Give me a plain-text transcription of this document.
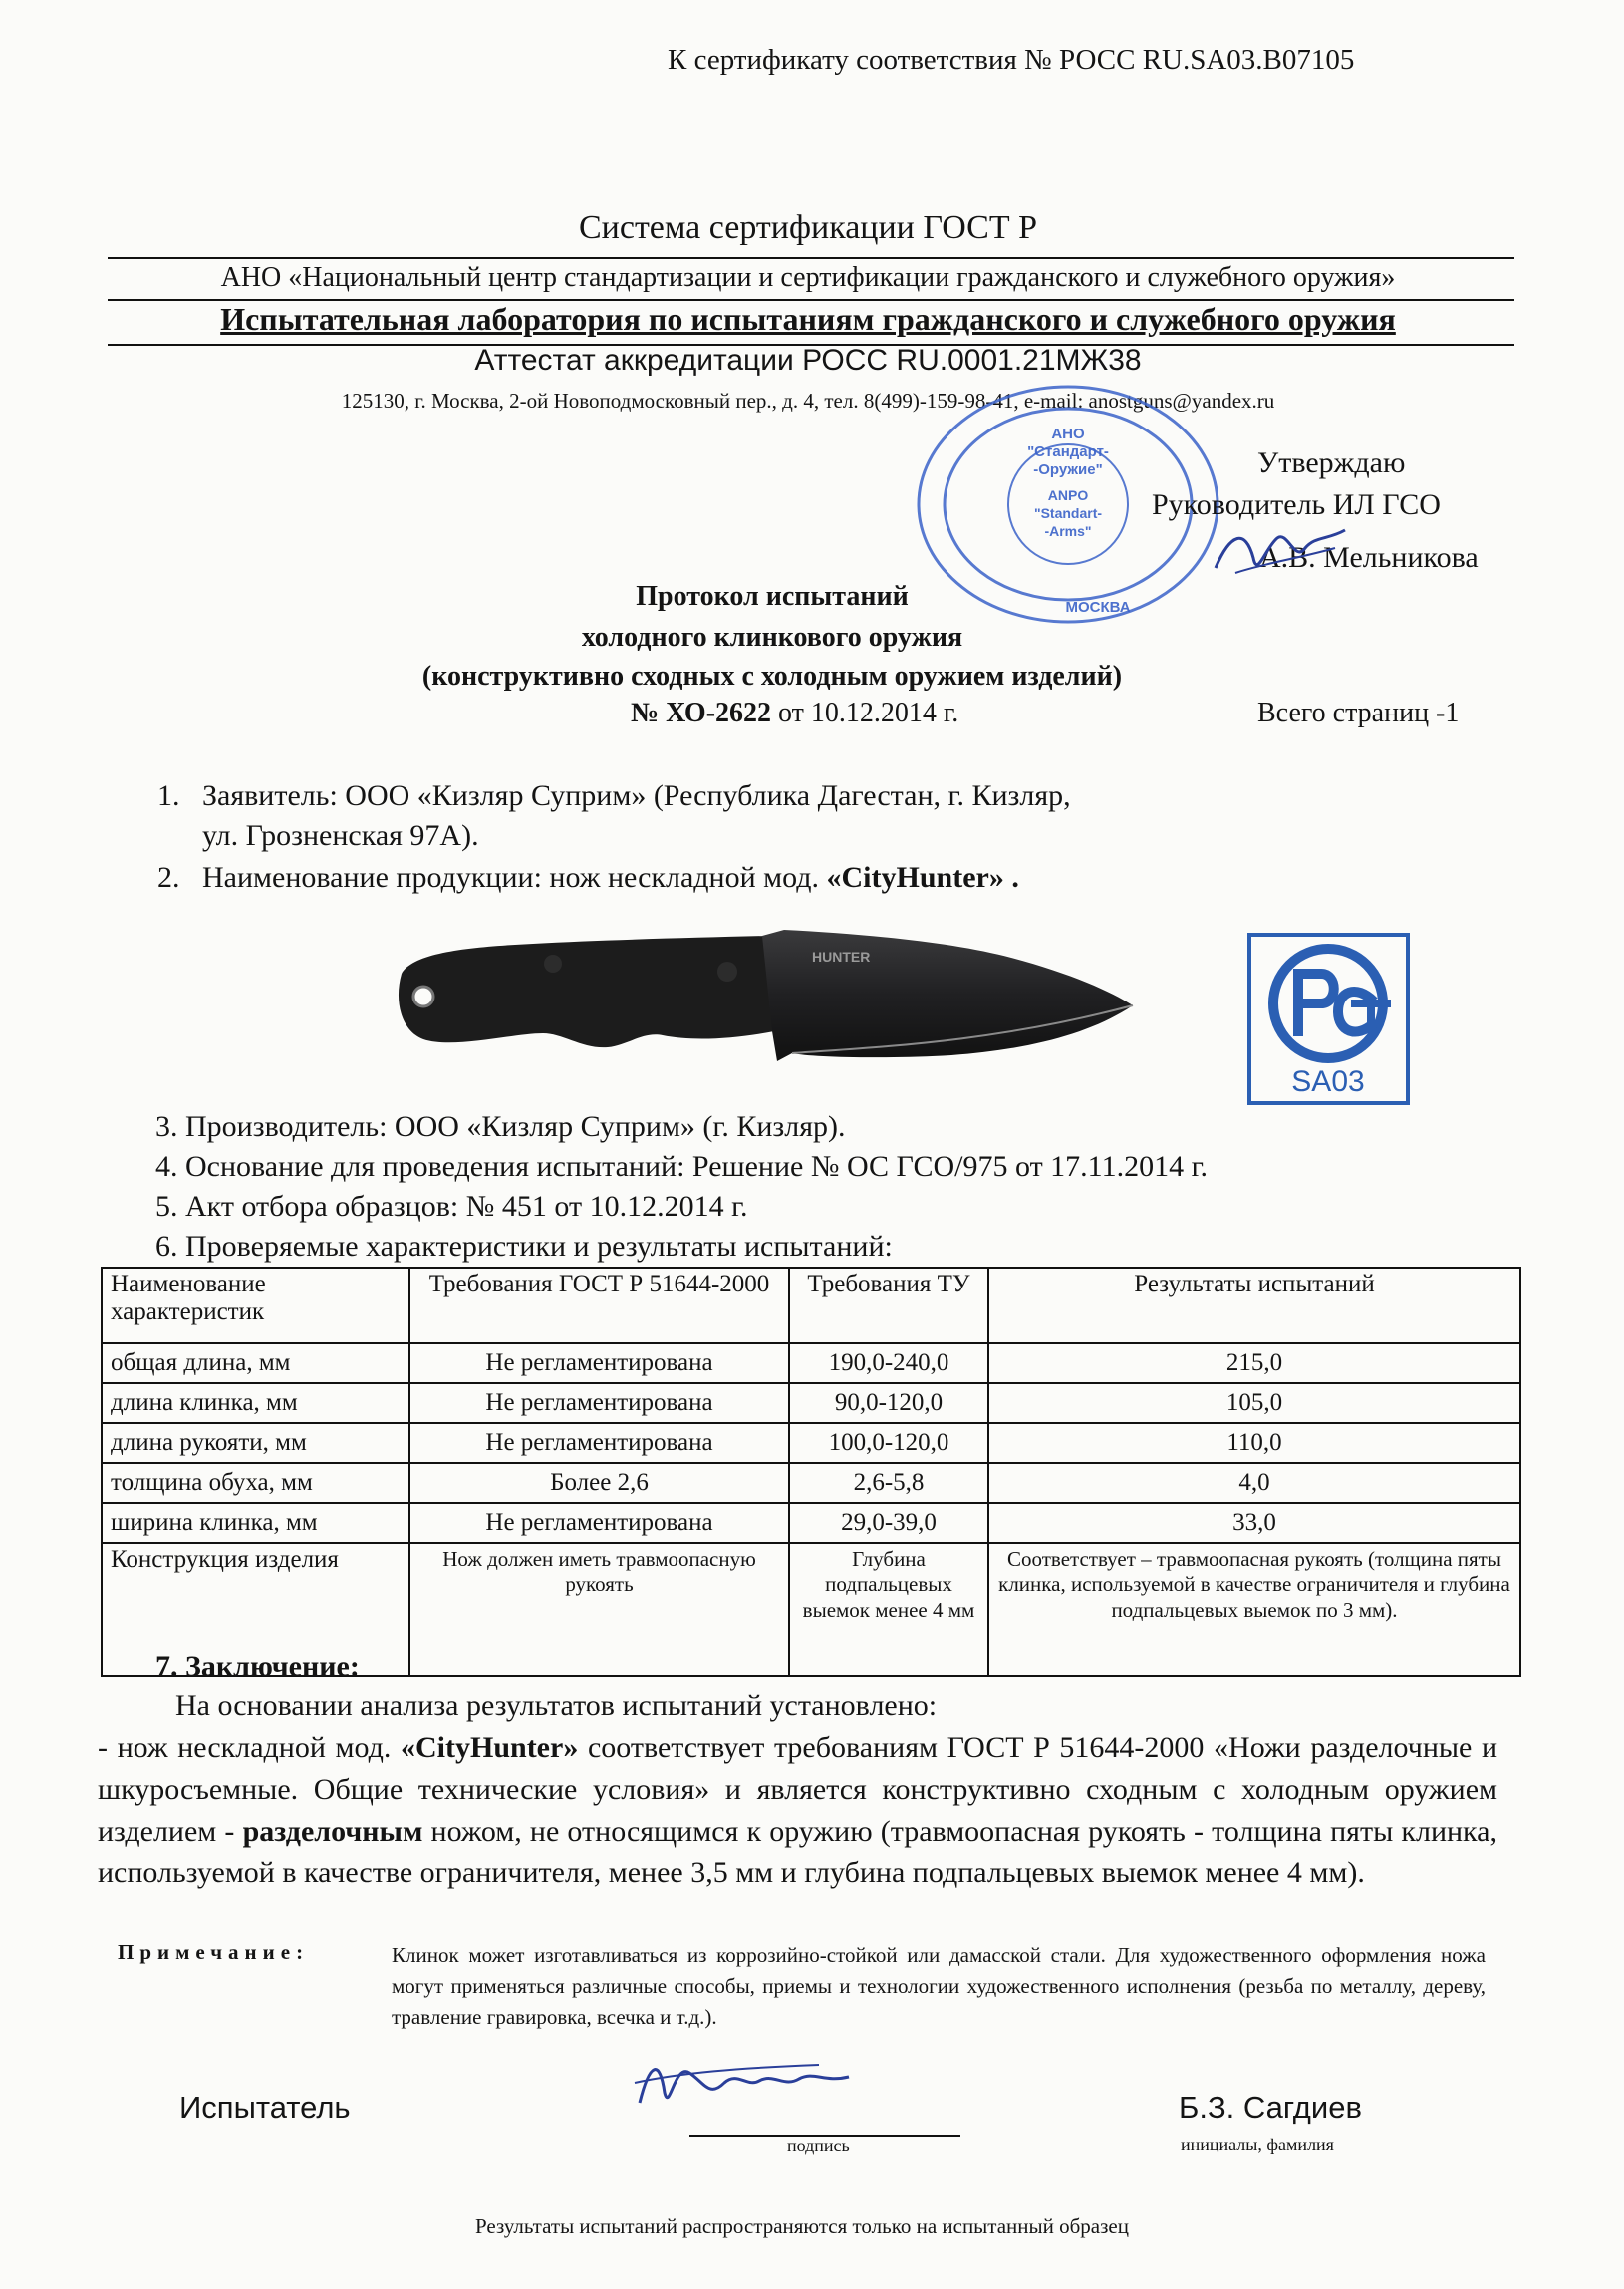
К сертификату соответствия № РОСС RU.SA03.B07105
Система сертификации ГОСТ Р
АНО «Национальный центр стандартизации и сертификации гражданского и служебного оружия»
Испытательная лаборатория по испытаниям гражданского и служебного оружия
Аттестат аккредитации РОСС RU.0001.21МЖ38
125130, г. Москва, 2-ой Новоподмосковный пер., д. 4, тел. 8(499)-159-98-41, e-mail: anostguns@yandex.ru
АНО
"Стандарт-
-Оружие"
ANPO
"Standart-
-Arms"
МОСКВА
Утверждаю
Руководитель ИЛ ГСО
А.В. Мельникова
Протокол испытаний
холодного клинкового оружия
(конструктивно сходных с холодным оружием изделий)
№ ХО-2622 от 10.12.2014 г.	Всего страниц -1
1. Заявитель: ООО «Кизляр Суприм» (Республика Дагестан, г. Кизляр,
ул. Грозненская 97А).
2. Наименование продукции: нож нескладной мод. «CityHunter» .
HUNTER
SA03
3. Производитель: ООО «Кизляр Суприм» (г. Кизляр).
4. Основание для проведения испытаний: Решение № ОС ГСО/975 от 17.11.2014 г.
5. Акт отбора образцов: № 451 от 10.12.2014 г.
6. Проверяемые характеристики и результаты испытаний:
Наименование характеристик	Требования ГОСТ Р 51644-2000	Требования ТУ	Результаты испытаний
общая длина, мм	Не регламентирована	190,0-240,0	215,0
длина клинка, мм	Не регламентирована	90,0-120,0	105,0
длина рукояти, мм	Не регламентирована	100,0-120,0	110,0
толщина обуха, мм	Более 2,6	2,6-5,8	4,0
ширина клинка, мм	Не регламентирована	29,0-39,0	33,0
Конструкция изделия	Нож должен иметь травмоопасную рукоять	Глубина подпальцевых выемок менее 4 мм	Соответствует – травмоопасная рукоять (толщина пяты клинка, используемой в качестве ограничителя и глубина подпальцевых выемок по 3 мм).
7. Заключение:
На основании анализа результатов испытаний установлено:
- нож нескладной мод. «CityHunter» соответствует требованиям ГОСТ Р 51644-2000 «Ножи разделочные и шкуросъемные. Общие технические условия» и является конструктивно сходным с холодным оружием изделием - разделочным ножом, не относящимся к оружию (травмоопасная рукоять - толщина пяты клинка, используемой в качестве ограничителя, менее 3,5 мм и глубина подпальцевых выемок менее 4 мм).
Примечание:	Клинок может изготавливаться из коррозийно-стойкой или дамасской стали. Для художественного оформления ножа могут применяться различные способы, приемы и технологии художественного исполнения (резьба по металлу, дереву, травление гравировка, всечка и т.д.).
Испытатель
подпись
Б.З. Сагдиев
инициалы, фамилия
Результаты испытаний распространяются только на испытанный образец
